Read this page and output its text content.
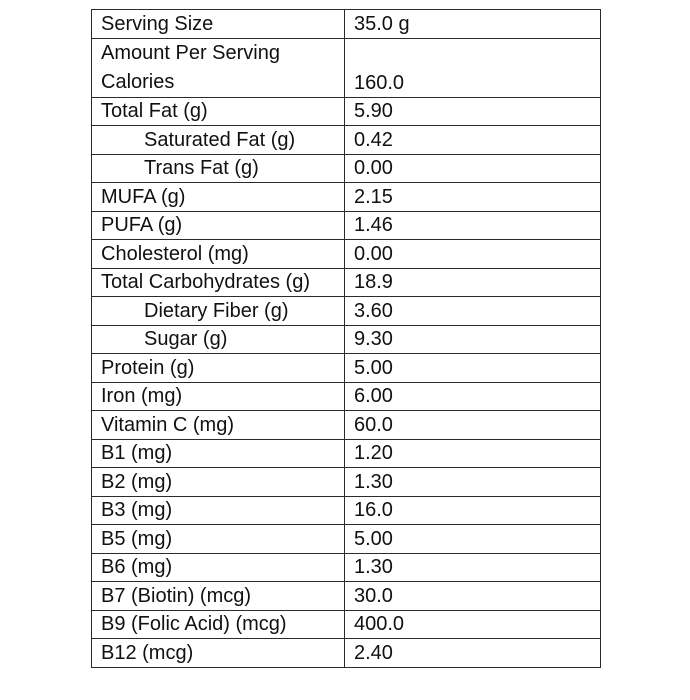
Serving Size	35.0 g

Amount Per Serving
Calories	160.0
Total Fat (g)	5.90
Saturated Fat (g)	0.42
Trans Fat (g)	0.00
MUFA (g)	2.15
PUFA (g)	1.46
Cholesterol (mg)	0.00
Total Carbohydrates (g)	18.9
Dietary Fiber (g)	3.60
Sugar (g)	9.30
Protein (g)	5.00
Iron (mg)	6.00
Vitamin C (mg)	60.0
B1 (mg)	1.20
B2 (mg)	1.30
B3 (mg)	16.0
B5 (mg)	5.00
B6 (mg)	1.30
B7 (Biotin) (mcg)	30.0
B9 (Folic Acid) (mcg)	400.0
B12 (mcg)	2.40
